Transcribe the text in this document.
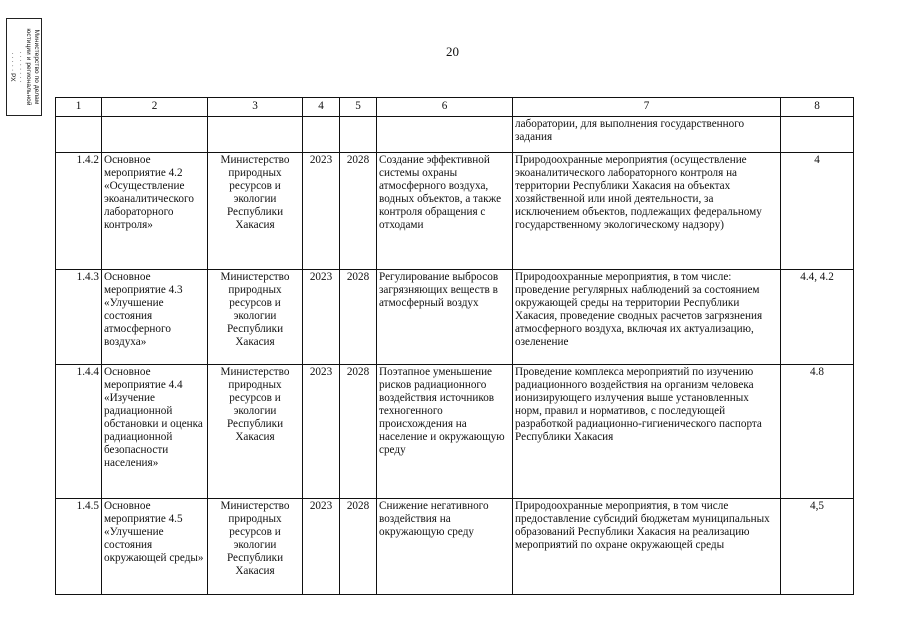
Министерство по делам
юстиции и региональной
· · · · · · · ·
· · · · · РХ
20
1	2	3	4	5	6	7	8
						лаборатории, для выполнения государственного задания	
1.4.2	Основное мероприятие 4.2 «Осуществление экоаналитического лабораторного контроля»	Министерство природных ресурсов и экологии Республики Хакасия	2023	2028	Создание эффективной системы охраны атмосферного воздуха, водных объектов, а также контроля обращения с отходами	Природоохранные мероприятия (осуществление экоаналитического лабораторного контроля на территории Республики Хакасия на объектах хозяйственной или иной деятельности, за исключением объектов, подлежащих федеральному государственному экологическому надзору)	4
1.4.3	Основное мероприятие 4.3 «Улучшение состояния атмосферного воздуха»	Министерство природных ресурсов и экологии Республики Хакасия	2023	2028	Регулирование выбросов загрязняющих веществ в атмосферный воздух	Природоохранные мероприятия, в том числе: проведение регулярных наблюдений за состоянием окружающей среды на территории Республики Хакасия, проведение сводных расчетов загрязнения атмосферного воздуха, включая их актуализацию, озеленение	4.4, 4.2
1.4.4	Основное мероприятие 4.4 «Изучение радиационной обстановки и оценка радиационной безопасности населения»	Министерство природных ресурсов и экологии Республики Хакасия	2023	2028	Поэтапное уменьшение рисков радиационного воздействия источников техногенного происхождения на население и окружающую среду	Проведение комплекса мероприятий по изучению радиационного воздействия на организм человека ионизирующего излучения выше установленных норм, правил и нормативов, с последующей разработкой радиационно-гигиенического паспорта Республики Хакасия	4.8
1.4.5	Основное мероприятие 4.5 «Улучшение состояния окружающей среды»	Министерство природных ресурсов и экологии Республики Хакасия	2023	2028	Снижение негативного воздействия на окружающую среду	Природоохранные мероприятия, в том числе предоставление субсидий бюджетам муниципальных образований Республики Хакасия на реализацию мероприятий по охране окружающей среды	4,5
